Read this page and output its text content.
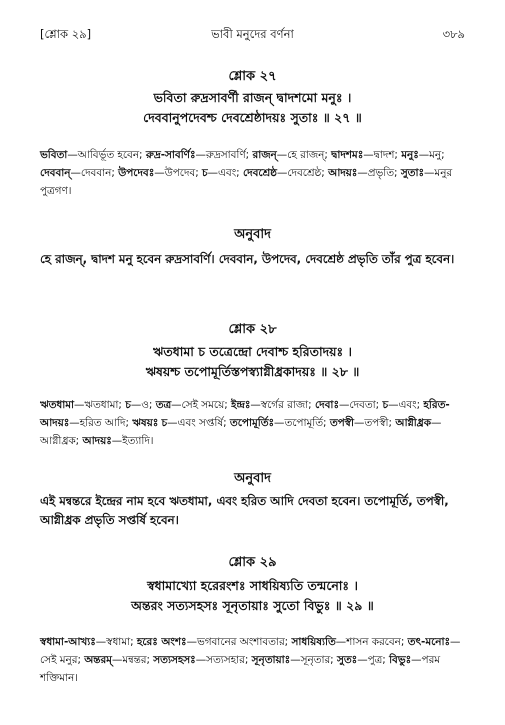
[শ্লোক ২৯]	ভাবী মনুদের বর্ণনা	৩৮৯
শ্লোক ২৭
ভবিতা রুদ্রসাবর্ণী রাজন্ দ্বাদশমো মনুঃ ।
দেববানুপদেবশ্চ দেবশ্রেষ্ঠাদয়ঃ সুতাঃ ॥ ২৭ ॥
ভবিতা—আবির্ভূত হবেন; রুদ্র-সাবর্ণিঃ—রুদ্রসাবর্ণি; রাজন্—হে রাজন্; দ্বাদশমঃ—দ্বাদশ; মনুঃ—মনু; দেববান্—দেববান; উপদেবঃ—উপদেব; চ—এবং; দেবশ্রেষ্ঠ—দেবশ্রেষ্ঠ; আদয়ঃ—প্রভৃতি; সুতাঃ—মনুর পুত্রগণ।
অনুবাদ
হে রাজন্, দ্বাদশ মনু হবেন রুদ্রসাবর্ণি। দেববান, উপদেব, দেবশ্রেষ্ঠ প্রভৃতি তাঁর পুত্র হবেন।
শ্লোক ২৮
ঋতধামা চ তত্রেন্দ্রো দেবাশ্চ হরিতাদয়ঃ ।
ঋষয়শ্চ তপোমূর্তিস্তপস্ব্যাগ্নীধ্রকাদয়ঃ ॥ ২৮ ॥
ঋতধামা—ঋতধামা; চ—ও; তত্র—সেই সময়ে; ইন্দ্রঃ—স্বর্গের রাজা; দেবাঃ—দেবতা; চ—এবং; হরিত-আদয়ঃ—হরিত আদি; ঋষয়ঃ চ—এবং সপ্তর্ষি; তপোমূর্তিঃ—তপোমূর্তি; তপস্বী—তপস্বী; আগ্নীধ্রক—আগ্নীধ্রক; আদয়ঃ—ইত্যাদি।
অনুবাদ
এই মন্বন্তরে ইন্দ্রের নাম হবে ঋতধামা, এবং হরিত আদি দেবতা হবেন। তপোমূর্তি, তপস্বী, আগ্নীধ্রক প্রভৃতি সপ্তর্ষি হবেন।
শ্লোক ২৯
স্বধামাখ্যো হরেরংশঃ সাধয়িষ্যতি তন্মনোঃ ।
অন্তরং সত্যসহসঃ সূনৃতায়াঃ সুতো বিভুঃ ॥ ২৯ ॥
স্বধামা-আখ্যঃ—স্বধামা; হরেঃ অংশঃ—ভগবানের অংশাবতার; সাধয়িষ্যতি—শাসন করবেন; তৎ-মনোঃ—সেই মনুর; অন্তরম্—মন্বন্তর; সত্যসহসঃ—সত্যসহার; সূনৃতায়াঃ—সূনৃতার; সুতঃ—পুত্র; বিভুঃ—পরম শক্তিমান।
